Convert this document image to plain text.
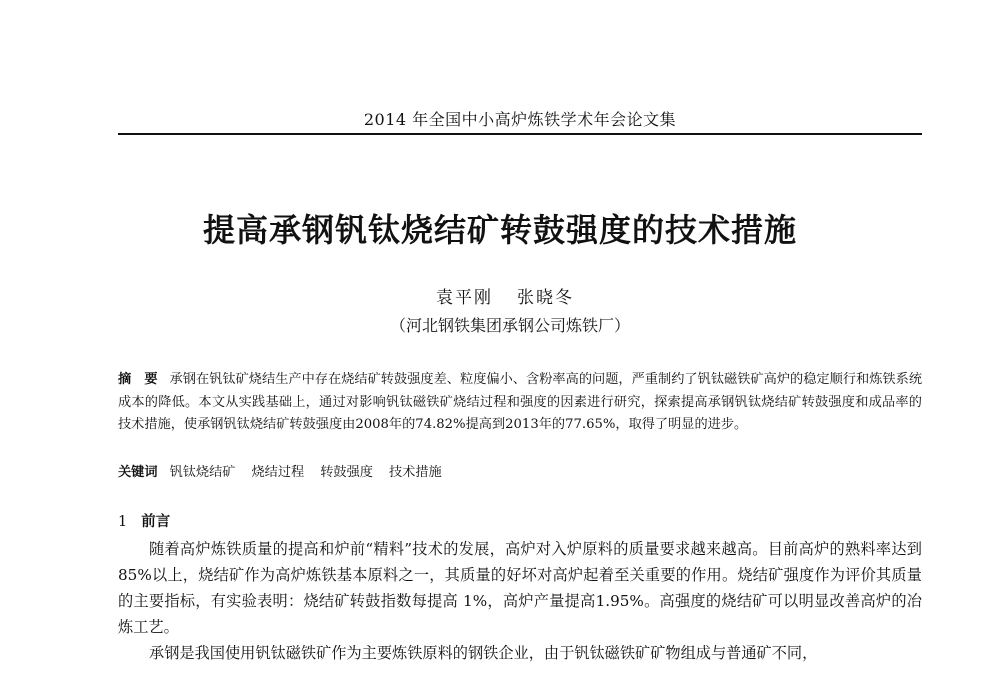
2014 年全国中小高炉炼铁学术年会论文集
提高承钢钒钛烧结矿转鼓强度的技术措施
袁平刚 张晓冬
（河北钢铁集团承钢公司炼铁厂）
摘　要 承钢在钒钛矿烧结生产中存在烧结矿转鼓强度差、粒度偏小、含粉率高的问题，严重制约了钒钛磁铁矿高炉的稳定顺行和炼铁系统成本的降低。本文从实践基础上，通过对影响钒钛磁铁矿烧结过程和强度的因素进行研究，探索提高承钢钒钛烧结矿转鼓强度和成品率的技术措施，使承钢钒钛烧结矿转鼓强度由2008年的74.82%提高到2013年的77.65%，取得了明显的进步。
关键词 钒钛烧结矿 烧结过程 转鼓强度 技术措施
1 前言

随着高炉炼铁质量的提高和炉前“精料”技术的发展，高炉对入炉原料的质量要求越来越高。目前高炉的熟料率达到 85%以上，烧结矿作为高炉炼铁基本原料之一，其质量的好坏对高炉起着至关重要的作用。烧结矿强度作为评价其质量的主要指标，有实验表明：烧结矿转鼓指数每提高 1%，高炉产量提高1.95%。高强度的烧结矿可以明显改善高炉的冶炼工艺。

承钢是我国使用钒钛磁铁矿作为主要炼铁原料的钢铁企业，由于钒钛磁铁矿矿物组成与普通矿不同，
